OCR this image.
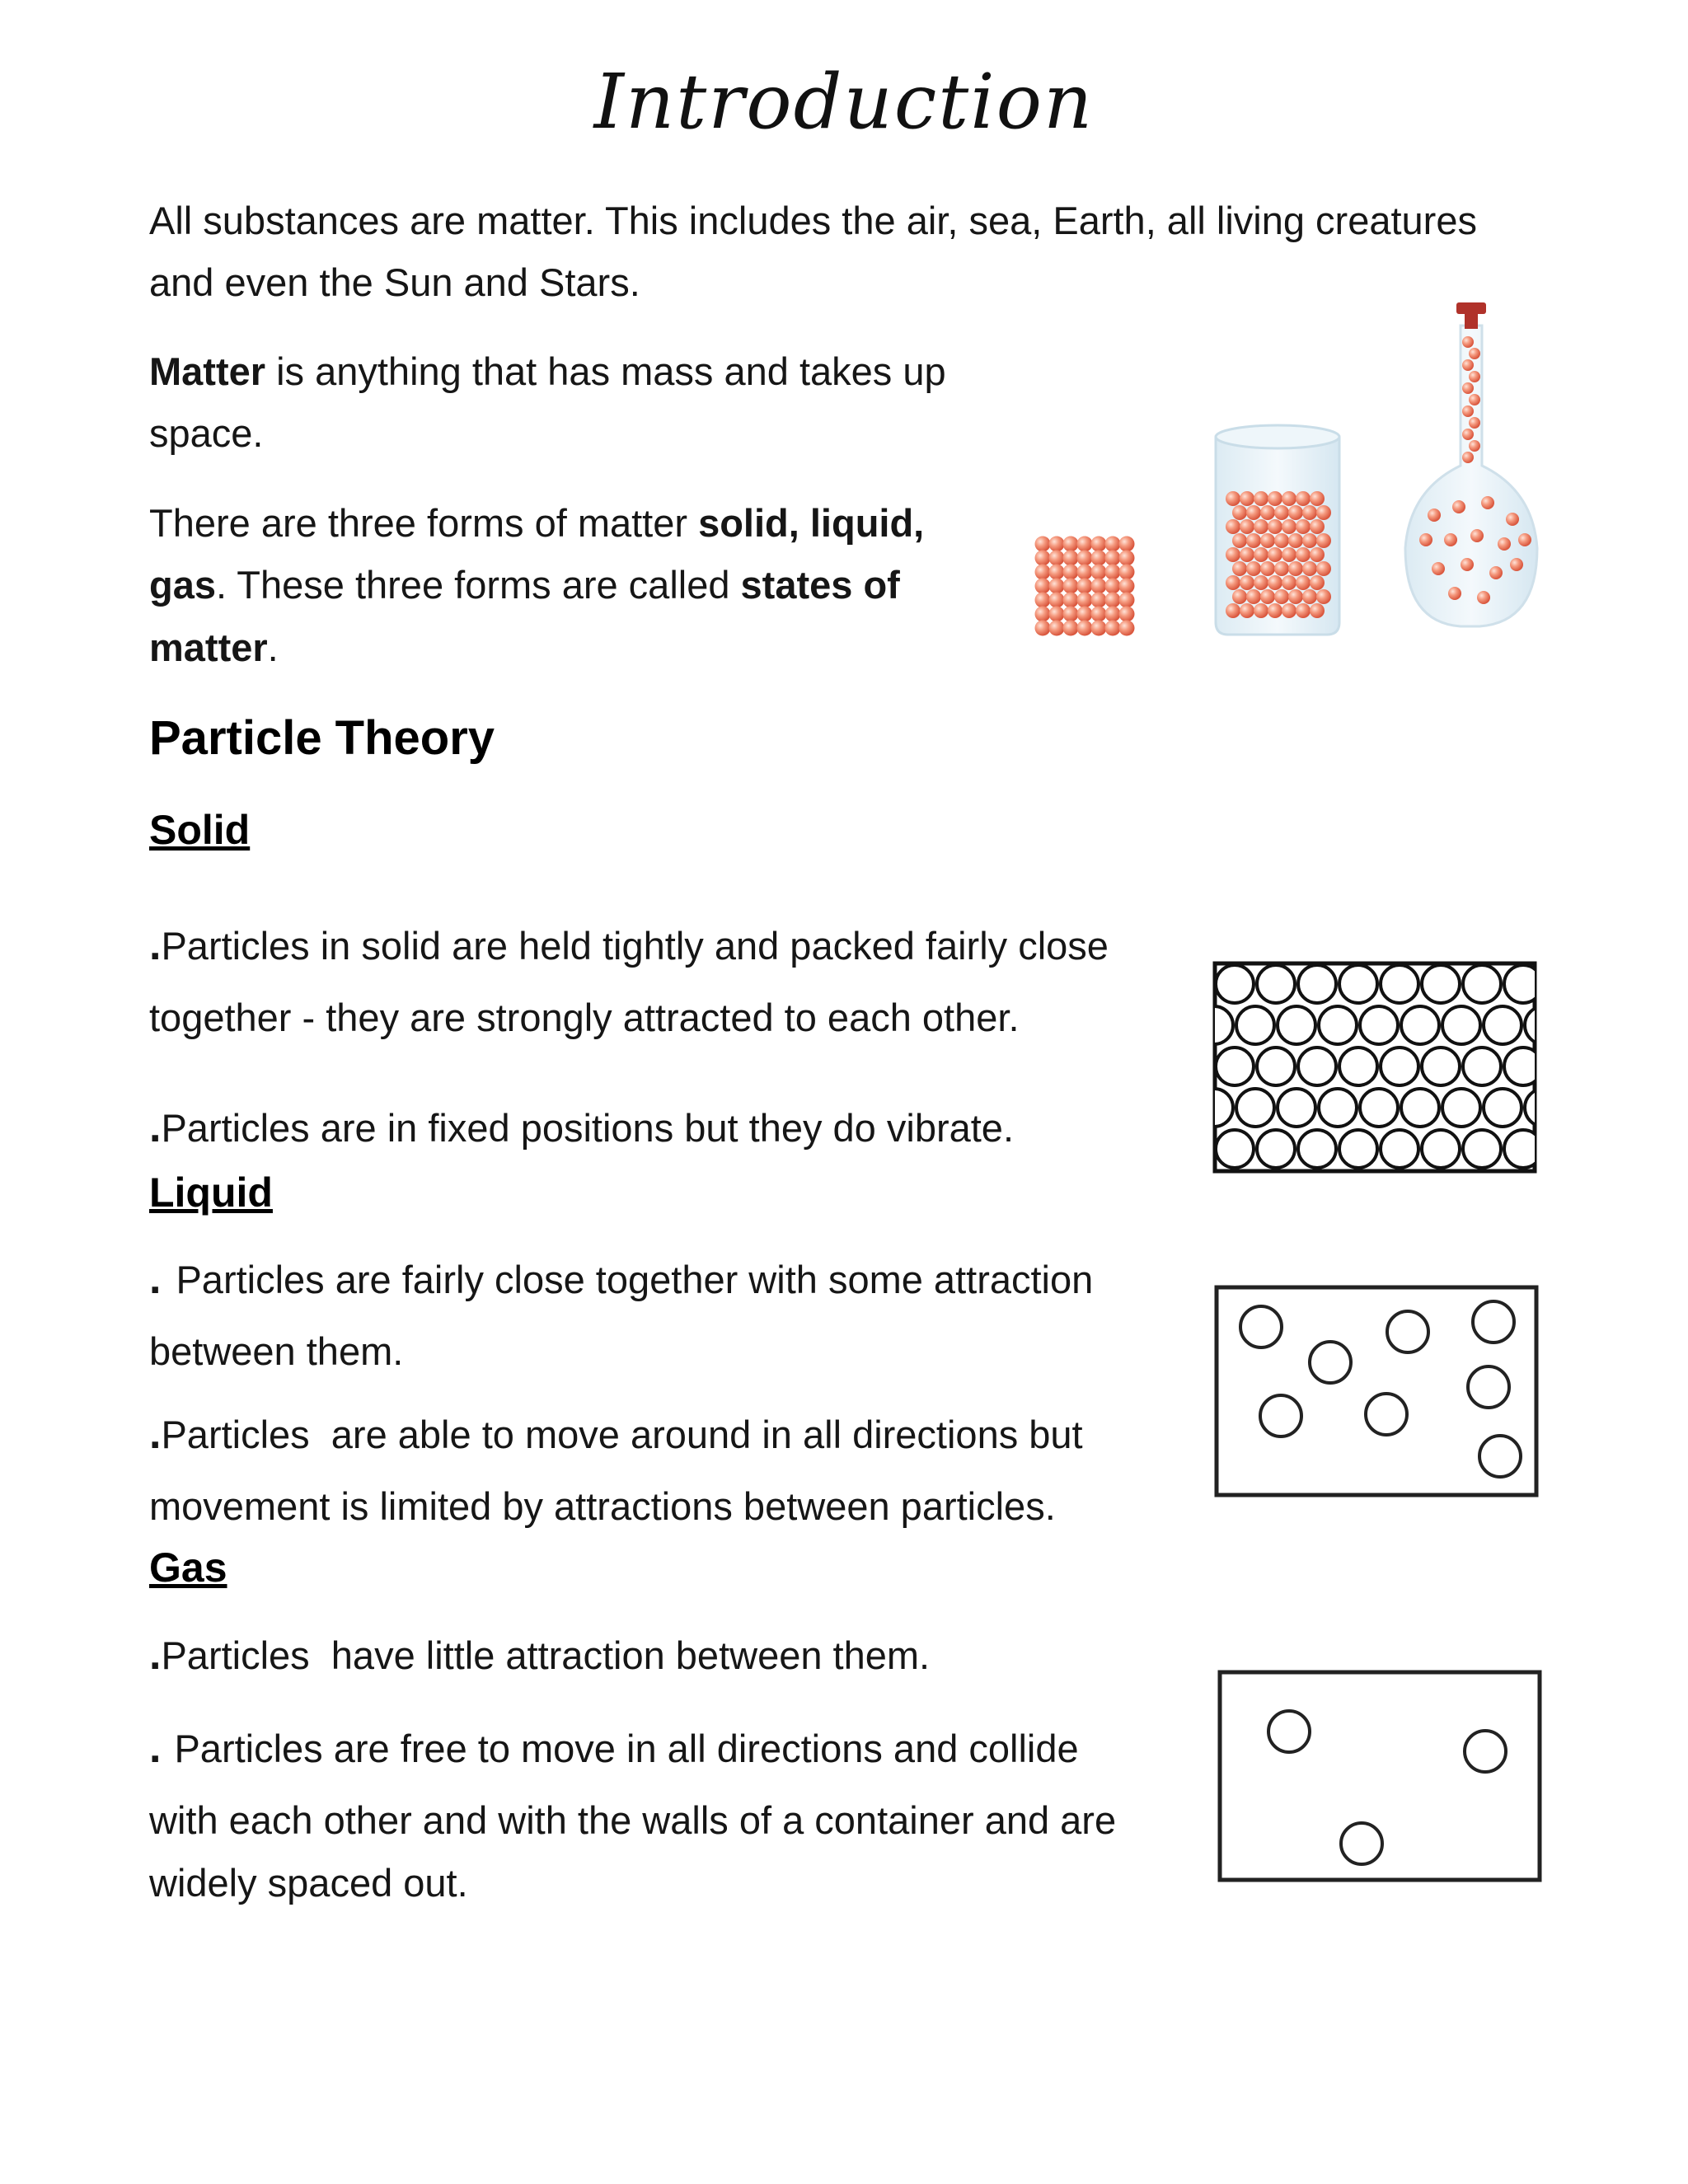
Introduction

All substances are matter. This includes the air, sea, Earth, all living creatures

and even the Sun and Stars.

Matter is anything that has mass and takes up

space.

There are three forms of matter solid, liquid,

gas. These three forms are called states of

matter.

Particle Theory
Solid

.Particles in solid are held tightly and packed fairly close

together - they are strongly attracted to each other.

.Particles are in fixed positions but they do vibrate.

Liquid

. Particles are fairly close together with some attraction

between them.

.Particles  are able to move around in all directions but

movement is limited by attractions between particles.

Gas

.Particles  have little attraction between them.

. Particles are free to move in all directions and collide

with each other and with the walls of a container and are

widely spaced out.
